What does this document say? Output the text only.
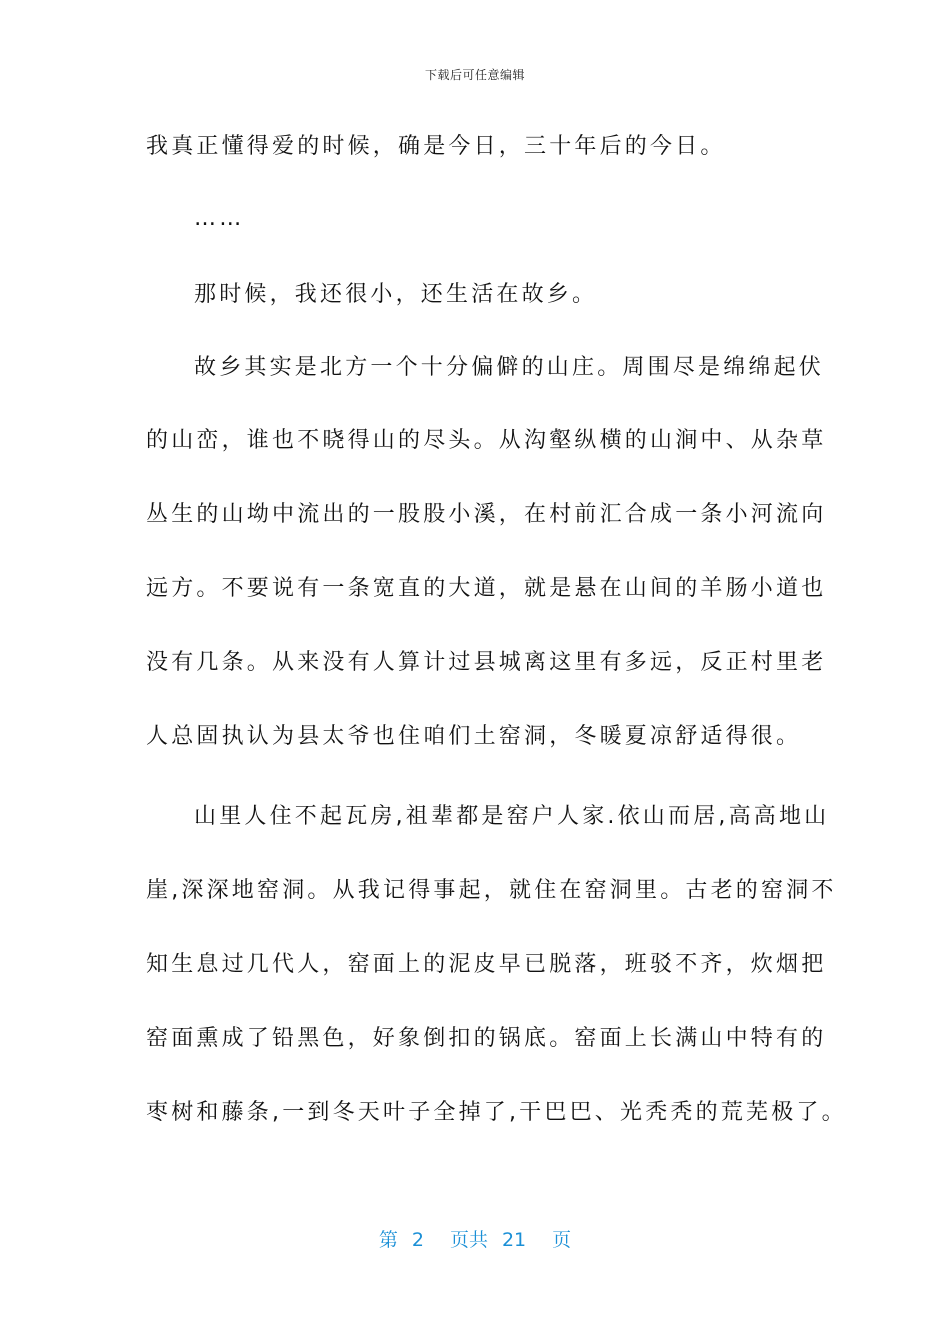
下载后可任意编辑
我真正懂得爱的时候，确是今日，三十年后的今日。
……
那时候，我还很小，还生活在故乡。
故乡其实是北方一个十分偏僻的山庄。周围尽是绵绵起伏
的山峦，谁也不晓得山的尽头。从沟壑纵横的山涧中、从杂草
丛生的山坳中流出的一股股小溪，在村前汇合成一条小河流向
远方。不要说有一条宽直的大道，就是悬在山间的羊肠小道也
没有几条。从来没有人算计过县城离这里有多远，反正村里老
人总固执认为县太爷也住咱们土窑洞，冬暖夏凉舒适得很。
山里人住不起瓦房,祖辈都是窑户人家.依山而居,高高地山
崖,深深地窑洞。从我记得事起，就住在窑洞里。古老的窑洞不
知生息过几代人，窑面上的泥皮早已脱落，班驳不齐，炊烟把
窑面熏成了铅黑色，好象倒扣的锅底。窑面上长满山中特有的
枣树和藤条,一到冬天叶子全掉了,干巴巴、光秃秃的荒芜极了。
第 2 页共 21 页
